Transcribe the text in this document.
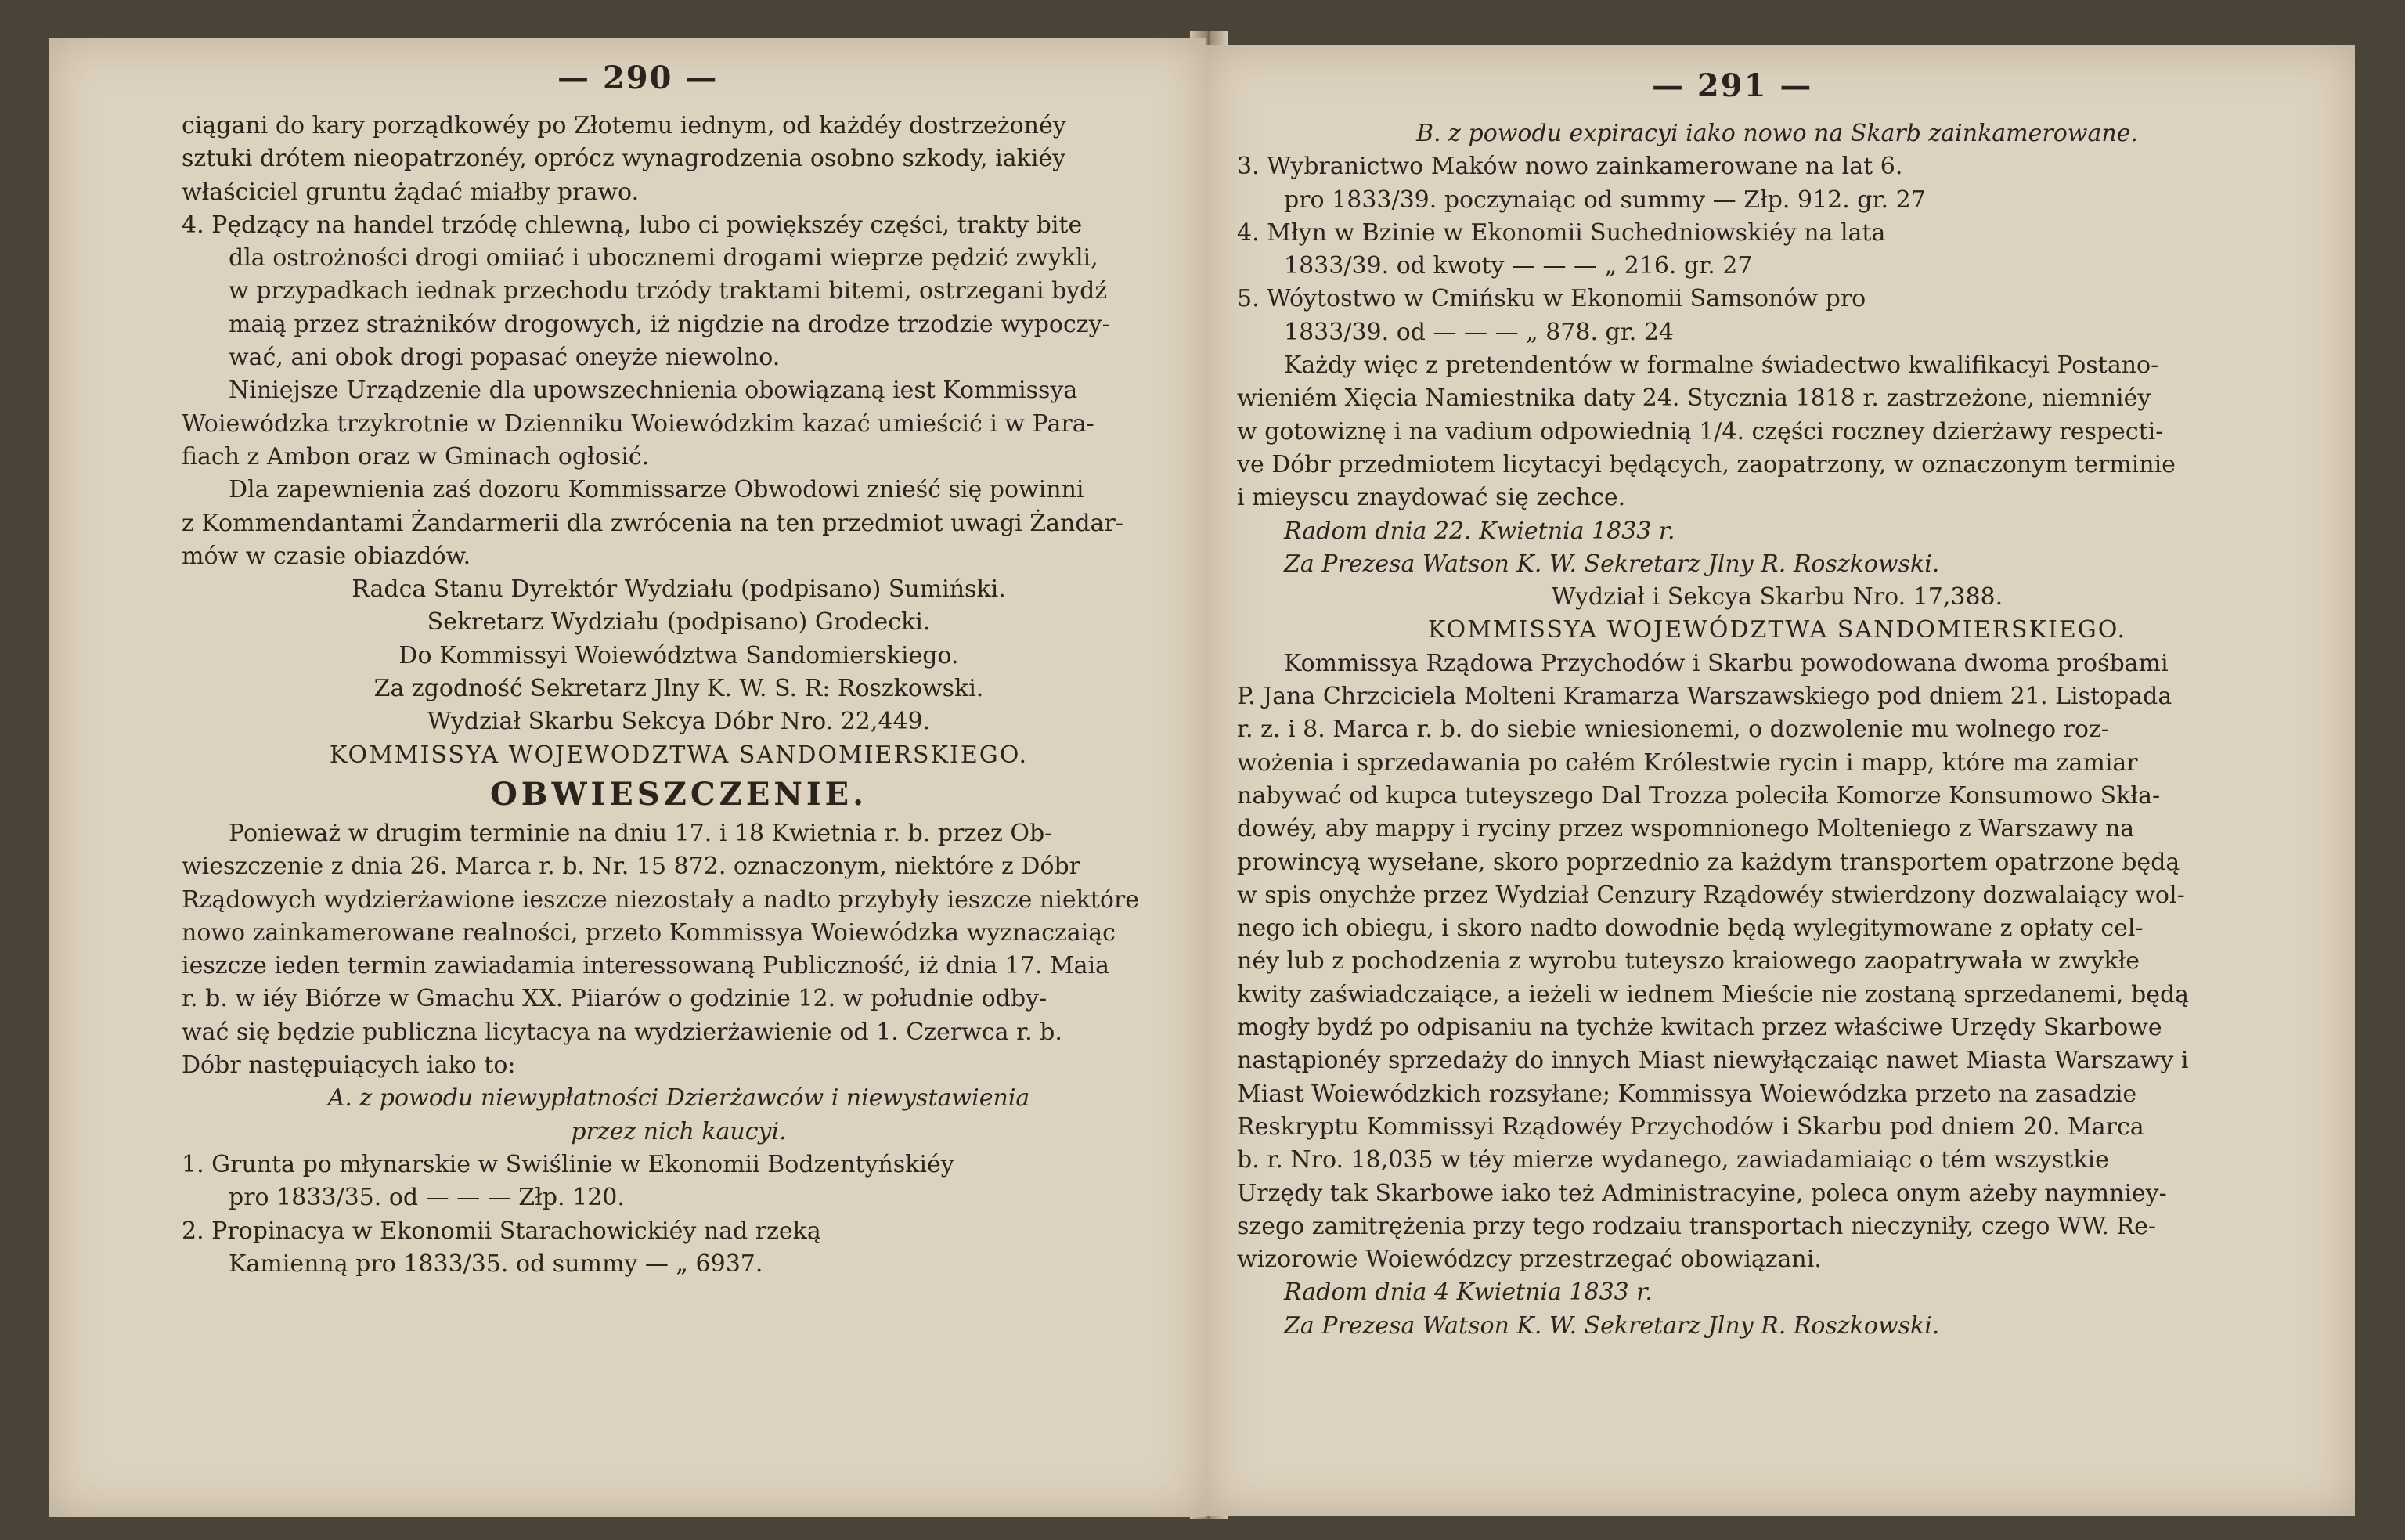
— 290 —
ciągani do kary porządkowéy po Złotemu iednym, od każdéy dostrzeżonéy
sztuki drótem nieopatrzonéy, oprócz wynagrodzenia osobno szkody, iakiéy
właściciel gruntu żądać miałby prawo.
4. Pędzący na handel trzódę chlewną, lubo ci powiększéy części, trakty bite
dla ostrożności drogi omiiać i ubocznemi drogami wieprze pędzić zwykli,
w przypadkach iednak przechodu trzódy traktami bitemi, ostrzegani bydź
maią przez strażników drogowych, iż nigdzie na drodze trzodzie wypoczy-
wać, ani obok drogi popasać oneyże niewolno.
Niniejsze Urządzenie dla upowszechnienia obowiązaną iest Kommissya
Woiewódzka trzykrotnie w Dzienniku Woiewódzkim kazać umieścić i w Para-
fiach z Ambon oraz w Gminach ogłosić.
Dla zapewnienia zaś dozoru Kommissarze Obwodowi znieść się powinni
z Kommendantami Żandarmerii dla zwrócenia na ten przedmiot uwagi Żandar-
mów w czasie obiazdów.
Radca Stanu Dyrektór Wydziału (podpisano) Sumiński.
Sekretarz Wydziału (podpisano) Grodecki.
Do Kommissyi Woiewództwa Sandomierskiego.
Za zgodność Sekretarz Jlny K. W. S. R: Roszkowski.
Wydział Skarbu Sekcya Dóbr Nro. 22,449.
KOMMISSYA WOJEWODZTWA SANDOMIERSKIEGO.
OBWIESZCZENIE.
Ponieważ w drugim terminie na dniu 17. i 18 Kwietnia r. b. przez Ob-
wieszczenie z dnia 26. Marca r. b. Nr. 15 872. oznaczonym, niektóre z Dóbr
Rządowych wydzierżawione ieszcze niezostały a nadto przybyły ieszcze niektóre
nowo zainkamerowane realności, przeto Kommissya Woiewódzka wyznaczaiąc
ieszcze ieden termin zawiadamia interessowaną Publiczność, iż dnia 17. Maia
r. b. w iéy Biórze w Gmachu XX. Piiarów o godzinie 12. w południe odby-
wać się będzie publiczna licytacya na wydzierżawienie od 1. Czerwca r. b.
Dóbr następuiących iako to:
A. z powodu niewypłatności Dzierżawców i niewystawienia
przez nich kaucyi.
1. Grunta po młynarskie w Swiślinie w Ekonomii Bodzentyńskiéy
pro 1833/35. od — — — Złp. 120.
2. Propinacya w Ekonomii Starachowickiéy nad rzeką
Kamienną pro 1833/35. od summy — „ 6937.
— 291 —
B. z powodu expiracyi iako nowo na Skarb zainkamerowane.
3. Wybranictwo Maków nowo zainkamerowane na lat 6.
pro 1833/39. poczynaiąc od summy — Złp. 912. gr. 27
4. Młyn w Bzinie w Ekonomii Suchedniowskiéy na lata
1833/39. od kwoty — — — „ 216. gr. 27
5. Wóytostwo w Cmińsku w Ekonomii Samsonów pro
1833/39. od — — — „ 878. gr. 24
Każdy więc z pretendentów w formalne świadectwo kwalifikacyi Postano-
wieniém Xięcia Namiestnika daty 24. Stycznia 1818 r. zastrzeżone, niemniéy
w gotowiznę i na vadium odpowiednią 1/4. części roczney dzierżawy respecti-
ve Dóbr przedmiotem licytacyi będących, zaopatrzony, w oznaczonym terminie
i mieyscu znaydować się zechce.
Radom dnia 22. Kwietnia 1833 r.
Za Prezesa Watson K. W. Sekretarz Jlny R. Roszkowski.
Wydział i Sekcya Skarbu Nro. 17,388.
KOMMISSYA WOJEWÓDZTWA SANDOMIERSKIEGO.
Kommissya Rządowa Przychodów i Skarbu powodowana dwoma prośbami
P. Jana Chrzciciela Molteni Kramarza Warszawskiego pod dniem 21. Listopada
r. z. i 8. Marca r. b. do siebie wniesionemi, o dozwolenie mu wolnego roz-
wożenia i sprzedawania po całém Królestwie rycin i mapp, które ma zamiar
nabywać od kupca tuteyszego Dal Trozza poleciła Komorze Konsumowo Skła-
dowéy, aby mappy i ryciny przez wspomnionego Molteniego z Warszawy na
prowincyą wysełane, skoro poprzednio za każdym transportem opatrzone będą
w spis onychże przez Wydział Cenzury Rządowéy stwierdzony dozwalaiący wol-
nego ich obiegu, i skoro nadto dowodnie będą wylegitymowane z opłaty cel-
néy lub z pochodzenia z wyrobu tuteyszo kraiowego zaopatrywała w zwykłe
kwity zaświadczaiące, a ieżeli w iednem Mieście nie zostaną sprzedanemi, będą
mogły bydź po odpisaniu na tychże kwitach przez właściwe Urzędy Skarbowe
nastąpionéy sprzedaży do innych Miast niewyłączaiąc nawet Miasta Warszawy i
Miast Woiewódzkich rozsyłane; Kommissya Woiewódzka przeto na zasadzie
Reskryptu Kommissyi Rządowéy Przychodów i Skarbu pod dniem 20. Marca
b. r. Nro. 18,035 w téy mierze wydanego, zawiadamiaiąc o tém wszystkie
Urzędy tak Skarbowe iako też Administracyine, poleca onym ażeby naymniey-
szego zamitrężenia przy tego rodzaiu transportach nieczyniły, czego WW. Re-
wizorowie Woiewódzcy przestrzegać obowiązani.
Radom dnia 4 Kwietnia 1833 r.
Za Prezesa Watson K. W. Sekretarz Jlny R. Roszkowski.
